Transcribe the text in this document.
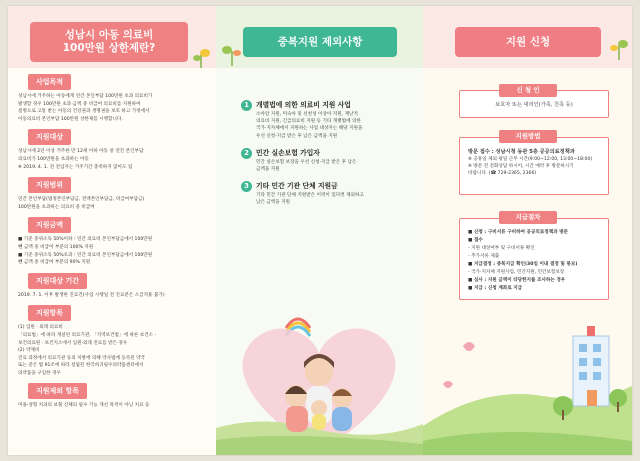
성남시 아동 의료비
100만원 상한제란?
사업목적
성남시에 거주하는 아동에게 연간 본인부담 100만원 초과 의료비가
발생할 경우 100만원 초과 금액 중 비급여 의료비를 지원하여
질병으로 고통 받는 아동의 건강권과 생명권을 보호 하고 가정에서
아동의료비 본인부담 100만원 상한제를 시행합니다.
지원대상
성남시에 2년 이상 거주한 만 12세 이하 아동 중 연간 본인부담
의료비가 100만원을 초과하는 아동
※ 2019. 4. 1. 전 전입자는 거주기간 충족하지 않아도 됨
지원범위
연간 본인부담(법정본인부담금, 전액본인부담금, 비급여부담금)
100만원을 초과하는 의료비 중 비급여
지원금액
■ 기준 중위소득 50%이하 : 연간 의료비 본인부담금에서 100만원
뺀 금액 중 비급여 부분의 100% 지원
■ 기준 중위소득 50%초과 : 연간 의료비 본인부담금에서 100만원
뺀 금액 중 비급여 부분의 90% 지원
지원대상 기간
2019. 7. 1. 이후 발생한 진료건(사업 시행일 전 진료분은 소급적용 불가)
지원항목
(1) 입원 · 외래 의료비
「의료법」에 따라 개설된 의료기관, 「지역보건법」에 따른 보건소 ·
보건의료원 · 보건지소에서 입원·외래 진료를 받은 경우
(2) 약제비
진료 과정에서 의료기관 등의 처방에 의해 약사법에 등록된 약국
또는 같은 법 91조에 따라 설립된 한국희귀필수의약품센터에서
의약품을 구입한 경우
지원제외 항목
미용·성형 치과의 보철 신체의 필수 기능 개선 목적이 아닌 치료 등
중복지원 제외사항
1	개별법에 의한 의료비 지원 사업
소아암 지원, 미숙아 및 선천성 이상아 지원, 재난적
의료비 지원, 긴급의료비 지원 등 기타 개별법에 의한
국가·지자체에서 지원하는 사업 대상자는 해당 지원을
우선 신청·지급 받은 후 남은 금액을 지원
2	민간 실손보험 가입자
민간 실손보험 보장을 우선 신청·지급 받은 후 남은
금액을 지원
3	기타 민간 기관 단체 지원금
기타 민간 기관 단체 지원받은 이력이 있다면 제외하고
남은 금액을 지원
지원 신청
보호자 또는 대리인(가족, 친족 등)
신 청 인
방문 접수 : 성남시청 동관 5층 공공의료정책과
※ 공휴일 제외 평일 근무 시간(9:00~12:00, 13:00~18:00)
※ 방문 전 전화상담 하시어, 시간 예약 후 방문하시기
바랍니다. (☎ 729-2365, 2366)
지원방법
■ 신청 : 구비서류 구비하여 공공의료정책과 방문
■ 접수
- 지원 대상여부 및 구비서류 확인
- 추가서류 제출
■ 지급결정 : 중복지급 확인(30일 이내 결정 및 통보)
- 국가·지자체 지원사업, 민간지원, 민간보험보장
■ 심사 : 지원 금액이 타당한지를 조사하는 경우
■ 지급 : 신청 계좌로 지급
지급절차
